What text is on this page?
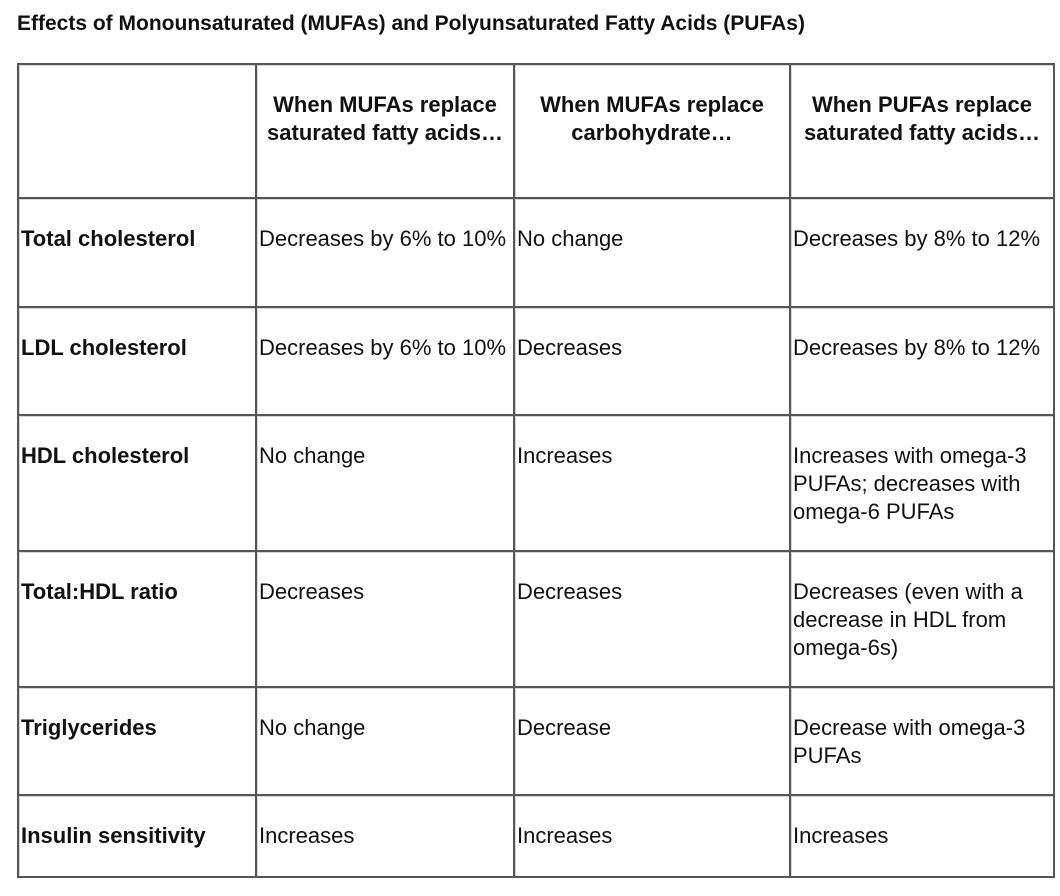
Effects of Monounsaturated (MUFAs) and Polyunsaturated Fatty Acids (PUFAs)
	When MUFAs replace saturated fatty acids…	When MUFAs replace carbohydrate…	When PUFAs replace saturated fatty acids…
Total cholesterol	Decreases by 6% to 10%	No change	Decreases by 8% to 12%
LDL cholesterol	Decreases by 6% to 10%	Decreases	Decreases by 8% to 12%
HDL cholesterol	No change	Increases	Increases with omega-3 PUFAs; decreases with omega-6 PUFAs
Total:HDL ratio	Decreases	Decreases	Decreases (even with a decrease in HDL from omega-6s)
Triglycerides	No change	Decrease	Decrease with omega-3 PUFAs
Insulin sensitivity	Increases	Increases	Increases
